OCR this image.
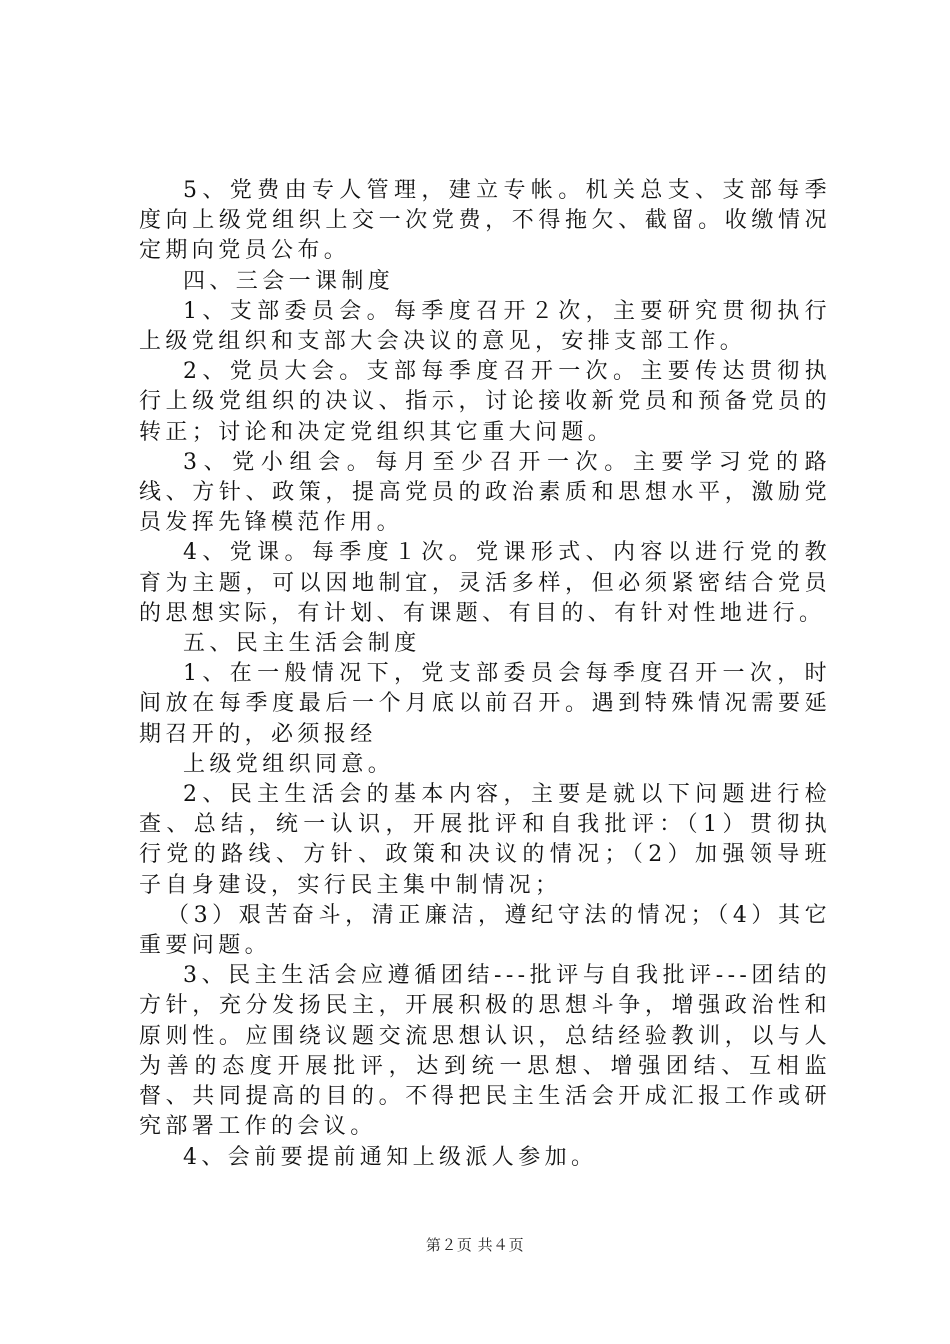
5、党费由专人管理，建立专帐。机关总支、支部每季度向上级党组织上交一次党费，不得拖欠、截留。收缴情况定期向党员公布。

四、三会一课制度

1、支部委员会。每季度召开２次，主要研究贯彻执行上级党组织和支部大会决议的意见，安排支部工作。

2、党员大会。支部每季度召开一次。主要传达贯彻执行上级党组织的决议、指示，讨论接收新党员和预备党员的转正；讨论和决定党组织其它重大问题。

3、党小组会。每月至少召开一次。主要学习党的路线、方针、政策，提高党员的政治素质和思想水平，激励党员发挥先锋模范作用。

4、党课。每季度１次。党课形式、内容以进行党的教育为主题，可以因地制宜，灵活多样，但必须紧密结合党员的思想实际，有计划、有课题、有目的、有针对性地进行。

五、民主生活会制度

1、在一般情况下，党支部委员会每季度召开一次，时间放在每季度最后一个月底以前召开。遇到特殊情况需要延期召开的，必须报经

上级党组织同意。

2、民主生活会的基本内容，主要是就以下问题进行检查、总结，统一认识，开展批评和自我批评：（1）贯彻执行党的路线、方针、政策和决议的情况；（2）加强领导班子自身建设，实行民主集中制情况；

（3）艰苦奋斗，清正廉洁，遵纪守法的情况；（4）其它重要问题。

3、民主生活会应遵循团结---批评与自我批评---团结的方针，充分发扬民主，开展积极的思想斗争，增强政治性和原则性。应围绕议题交流思想认识，总结经验教训，以与人为善的态度开展批评，达到统一思想、增强团结、互相监督、共同提高的目的。不得把民主生活会开成汇报工作或研究部署工作的会议。

4、会前要提前通知上级派人参加。

第２页 共４页
